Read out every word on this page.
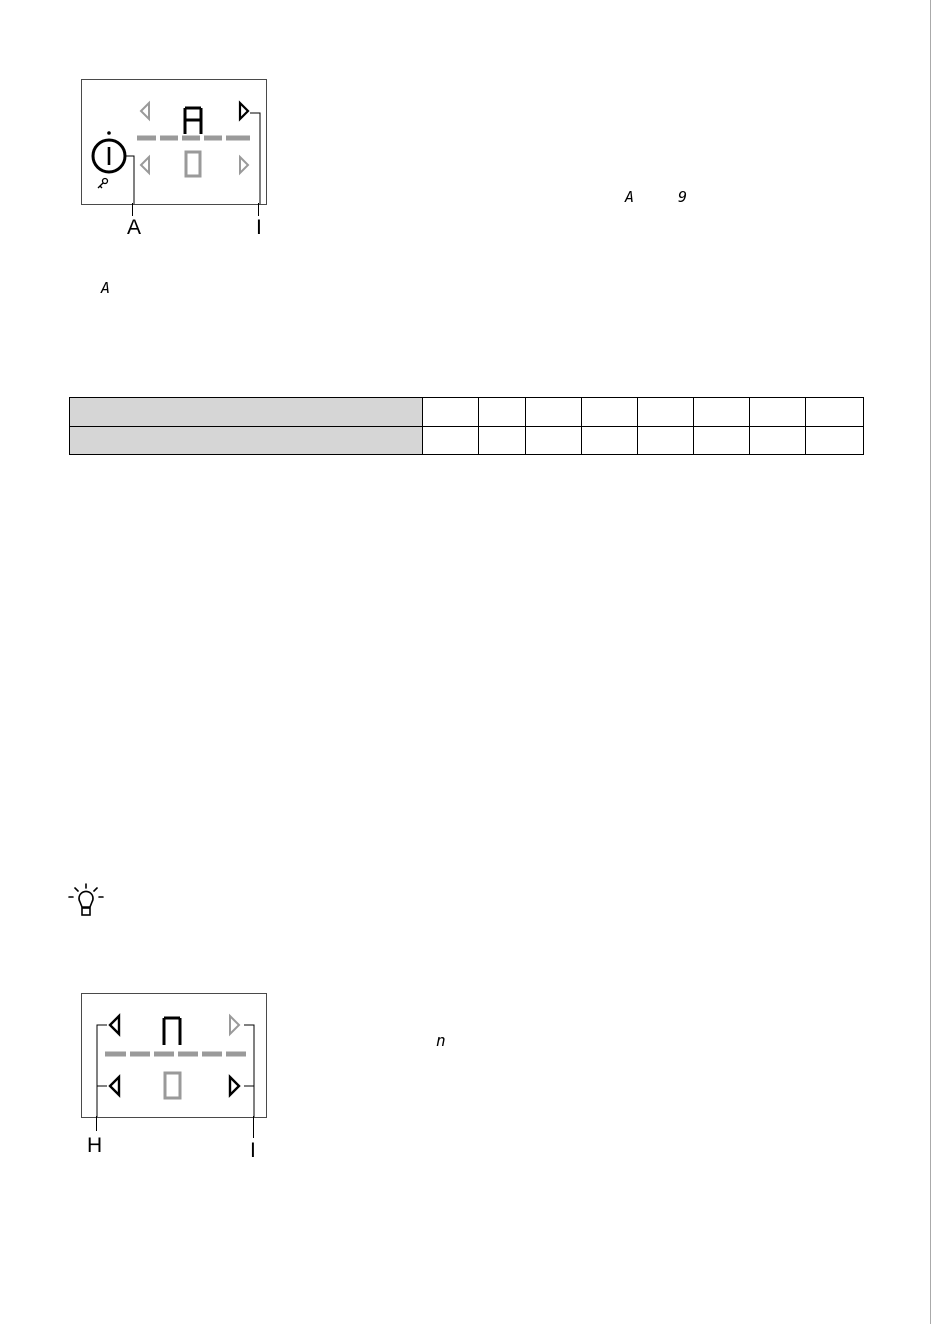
A	I
A	9
A

H	I
n
